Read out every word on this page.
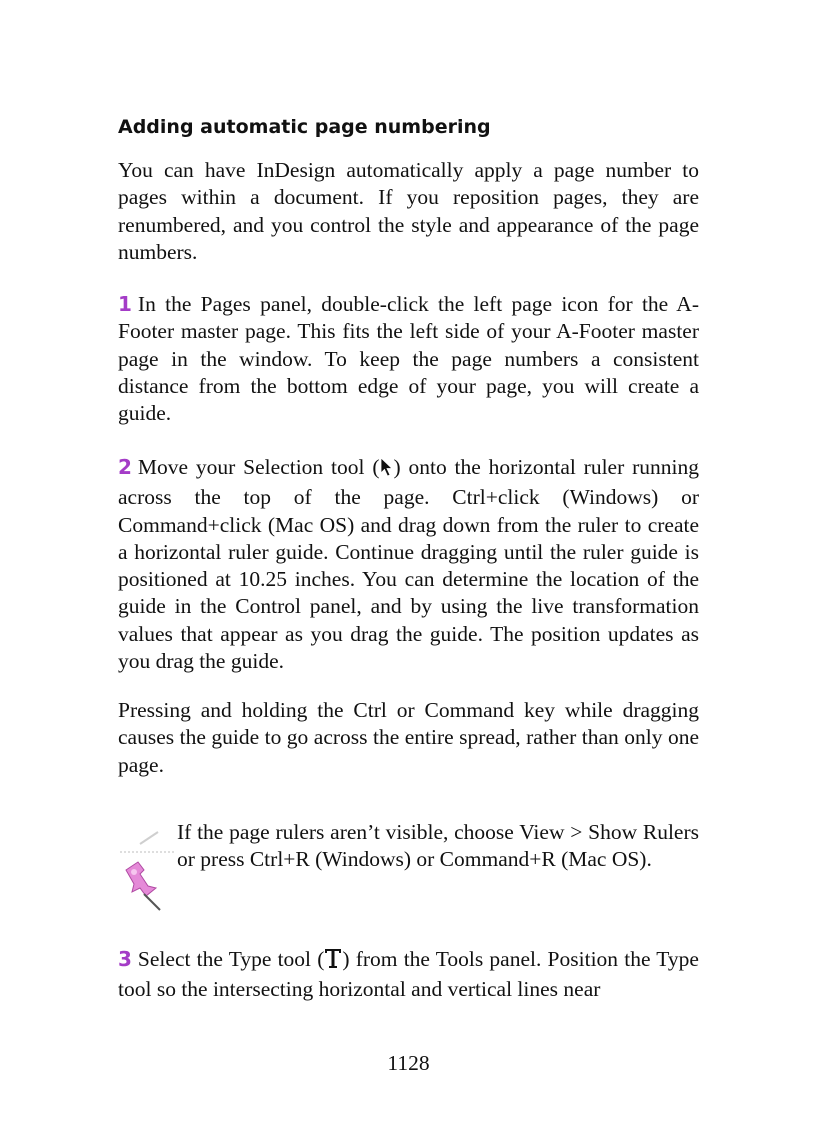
Adding automatic page numbering

You can have InDesign automatically apply a page number to pages within a document. If you reposition pages, they are renumbered, and you control the style and appearance of the page numbers.

1 In the Pages panel, double-click the left page icon for the A-Footer master page. This fits the left side of your A-Footer master page in the window. To keep the page numbers a consistent distance from the bottom edge of your page, you will create a guide.

2 Move your Selection tool ( ) onto the horizontal ruler running across the top of the page. Ctrl+click (Windows) or Command+click (Mac OS) and drag down from the ruler to create a horizontal ruler guide. Continue dragging until the ruler guide is positioned at 10.25 inches. You can determine the location of the guide in the Control panel, and by using the live transformation values that appear as you drag the guide. The position updates as you drag the guide.

Pressing and holding the Ctrl or Command key while dragging causes the guide to go across the entire spread, rather than only one page.

If the page rulers aren’t visible, choose View > Show Rulers or press Ctrl+R (Windows) or Command+R (Mac OS).

3 Select the Type tool ( ) from the Tools panel. Position the Type tool so the intersecting horizontal and vertical lines near

1128
